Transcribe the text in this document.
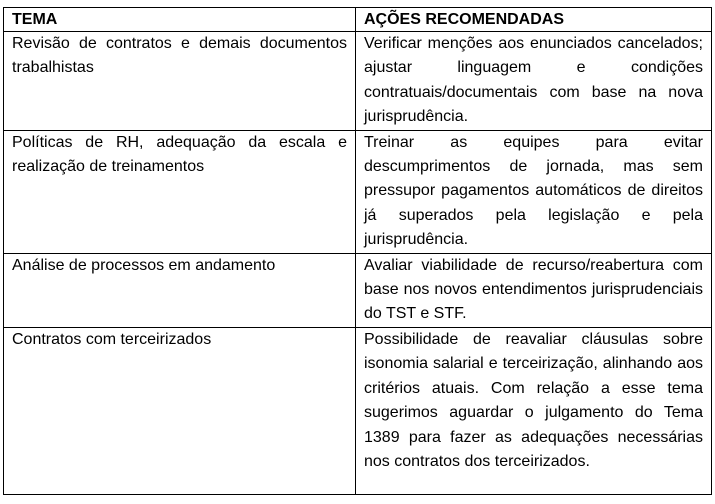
TEMA	AÇÕES RECOMENDADAS
Revisão de contratos e demais documentos trabalhistas	Verificar menções aos enunciados cancelados; ajustar linguagem e condições contratuais/documentais com base na nova jurisprudência.
Políticas de RH, adequação da escala e realização de treinamentos	Treinar as equipes para evitar descumprimentos de jornada, mas sem pressupor pagamentos automáticos de direitos já superados pela legislação e pela jurisprudência.
Análise de processos em andamento	Avaliar viabilidade de recurso/reabertura com base nos novos entendimentos jurisprudenciais do TST e STF.
Contratos com terceirizados	Possibilidade de reavaliar cláusulas sobre isonomia salarial e terceirização, alinhando aos critérios atuais. Com relação a esse tema sugerimos aguardar o julgamento do Tema 1389 para fazer as adequações necessárias nos contratos dos terceirizados.
